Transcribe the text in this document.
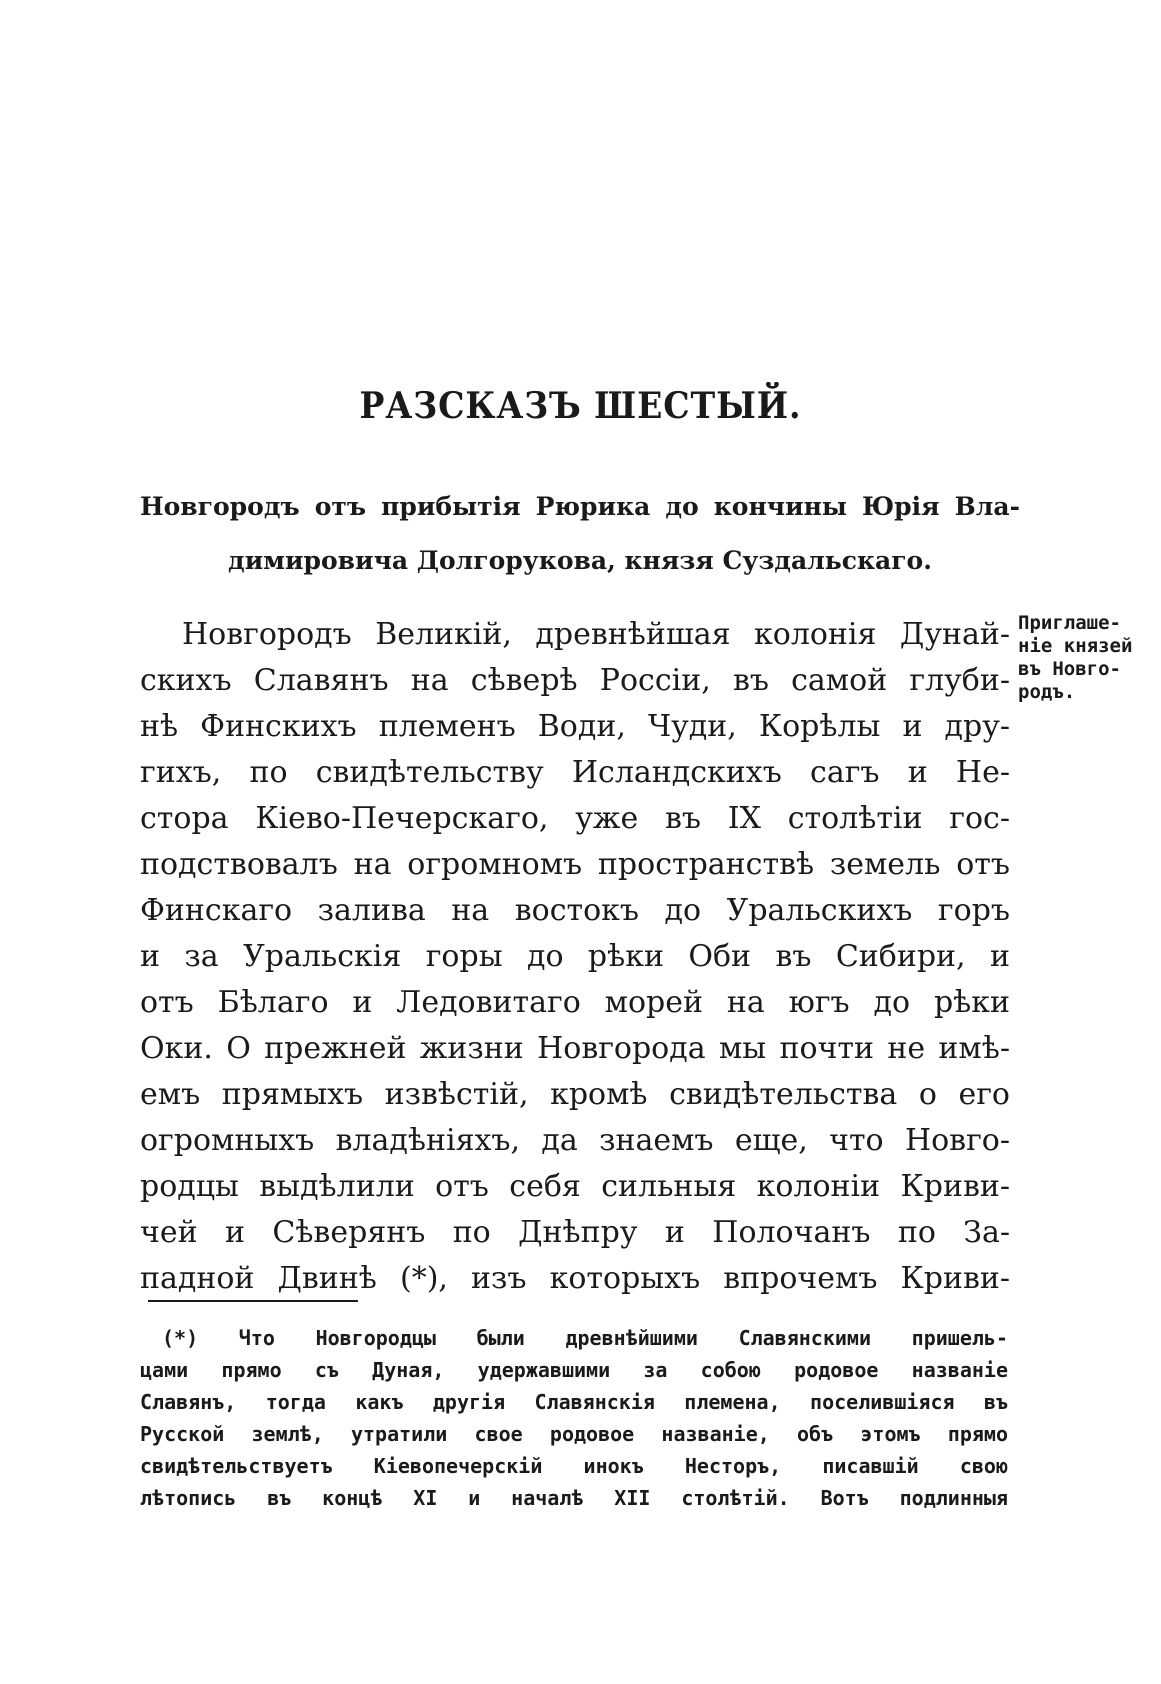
РАЗСКАЗЪ ШЕСТЫЙ.
Новгородъ отъ прибытія Рюрика до кончины Юрія Вла-
димировича Долгорукова, князя Суздальскаго.
Новгородъ Великій, древнѣйшая колонія Дунай-
скихъ Славянъ на сѣверѣ Россіи, въ самой глуби-
нѣ Финскихъ племенъ Води, Чуди, Корѣлы и дру-
гихъ, по свидѣтельству Исландскихъ сагъ и Не-
стора Кіево-Печерскаго, уже въ IX столѣтіи гос-
подствовалъ на огромномъ пространствѣ земель отъ
Финскаго залива на востокъ до Уральскихъ горъ
и за Уральскія горы до рѣки Оби въ Сибири, и
отъ Бѣлаго и Ледовитаго морей на югъ до рѣки
Оки. О прежней жизни Новгорода мы почти не имѣ-
емъ прямыхъ извѣстій, кромѣ свидѣтельства о его
огромныхъ владѣніяхъ, да знаемъ еще, что Новго-
родцы выдѣлили отъ себя сильныя колоніи Криви-
чей и Сѣверянъ по Днѣпру и Полочанъ по За-
падной Двинѣ (*), изъ которыхъ впрочемъ Криви-
Приглаше-
ніе князей
въ Новго-
родъ.
(*) Что Новгородцы были древнѣйшими Славянскими пришель-
цами прямо съ Дуная, удержавшими за собою родовое названіе
Славянъ, тогда какъ другія Славянскія племена, поселившіяся въ
Русской землѣ, утратили свое родовое названіе, объ этомъ прямо
свидѣтельствуетъ Кіевопечерскій инокъ Несторъ, писавшій свою
лѣтопись въ концѣ XI и началѣ XII столѣтій. Вотъ подлинныя
